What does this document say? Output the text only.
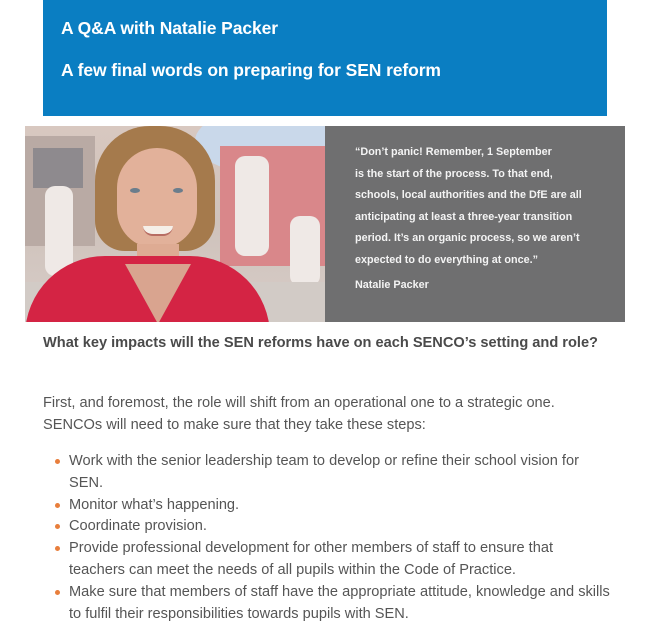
A Q&A with Natalie Packer
A few final words on preparing for SEN reform
“Don’t panic! Remember, 1 September
is the start of the process. To that end,
schools, local authorities and the DfE are all
anticipating at least a three-year transition
period. It’s an organic process, so we aren’t
expected to do everything at once.”
Natalie Packer
What key impacts will the SEN reforms have on each SENCO’s setting and role?
First, and foremost, the role will shift from an operational one to a strategic one. SENCOs will need to make sure that they take these steps:
Work with the senior leadership team to develop or refine their school vision for SEN.
Monitor what’s happening.
Coordinate provision.
Provide professional development for other members of staff to ensure that teachers can meet the needs of all pupils within the Code of Practice.
Make sure that members of staff have the appropriate attitude, knowledge and skills to fulfil their responsibilities towards pupils with SEN.
